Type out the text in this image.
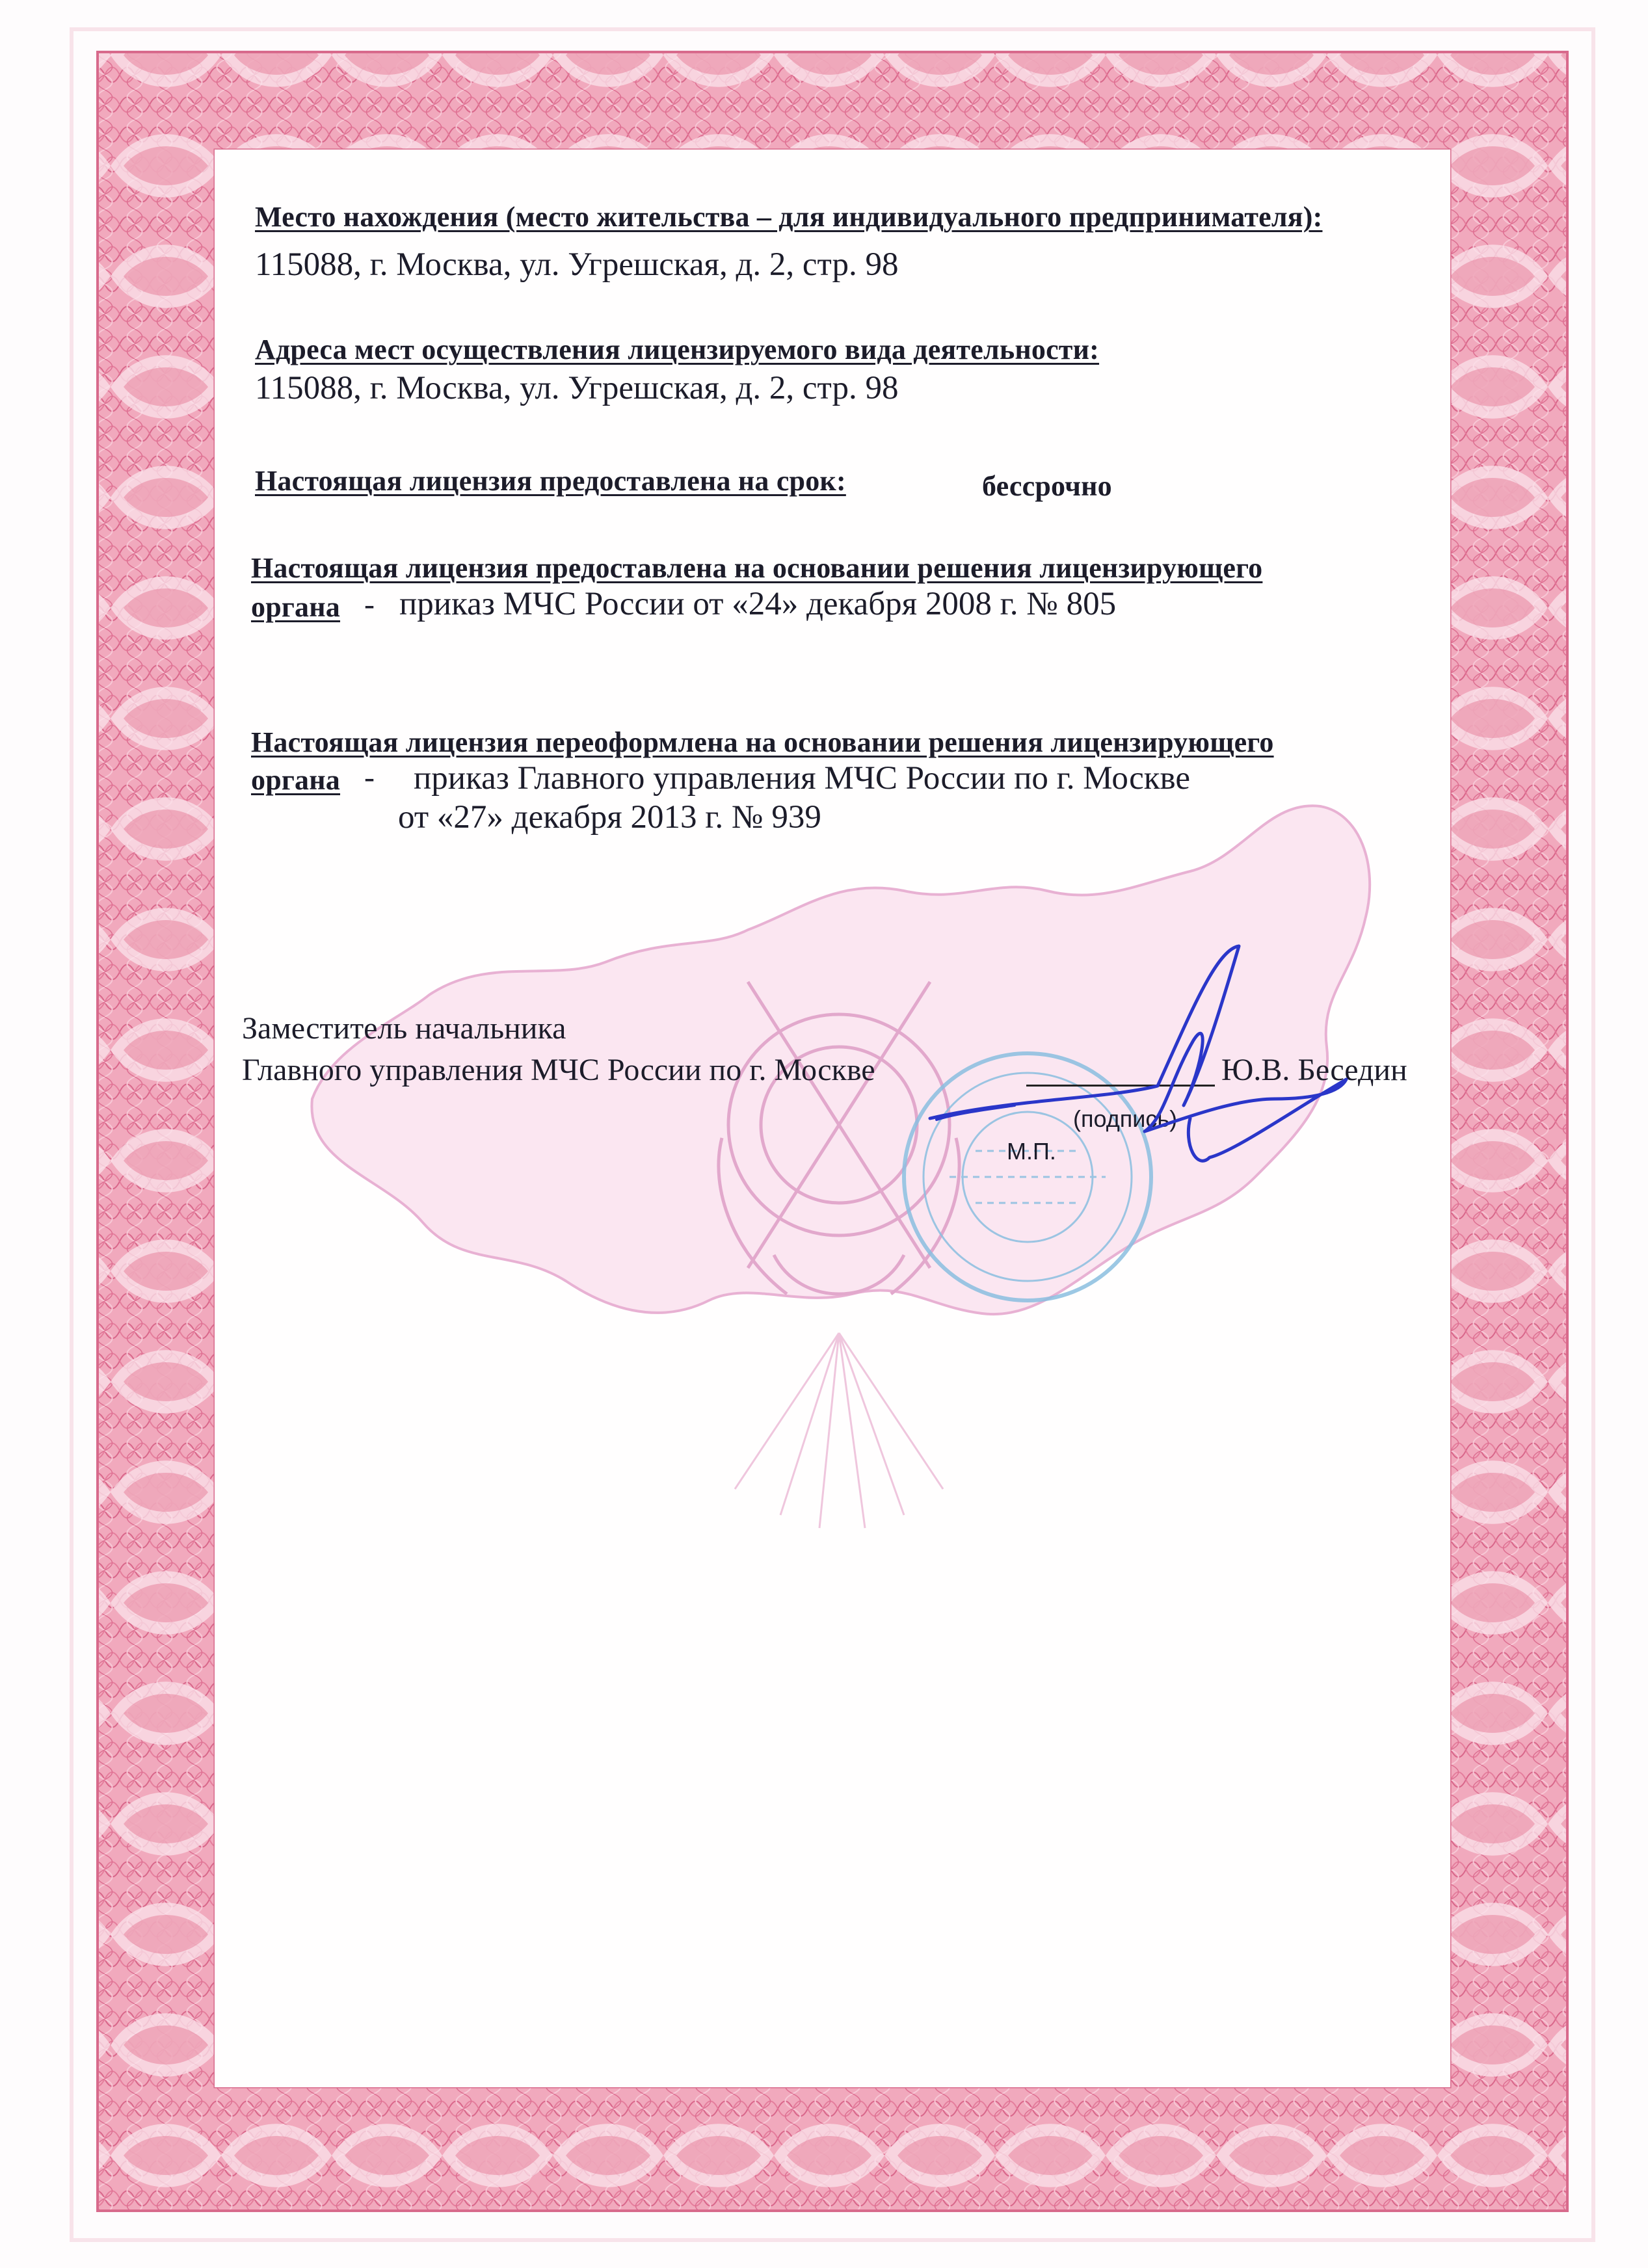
Место нахождения (место жительства – для индивидуального предпринимателя):
115088, г. Москва, ул. Угрешская, д. 2, стр. 98
Адреса мест осуществления лицензируемого вида деятельности:
115088, г. Москва, ул. Угрешская, д. 2, стр. 98
Настоящая лицензия предоставлена на срок:	бессрочно
Настоящая лицензия предоставлена на основании решения лицензирующего
органа - приказ МЧС России от «24» декабря 2008 г. № 805
Настоящая лицензия переоформлена на основании решения лицензирующего
органа - приказ Главного управления МЧС России по г. Москве
от «27» декабря 2013 г. № 939
Заместитель начальника
Главного управления МЧС России по г. Москве	Ю.В. Беседин
(подпись)
М.П.
